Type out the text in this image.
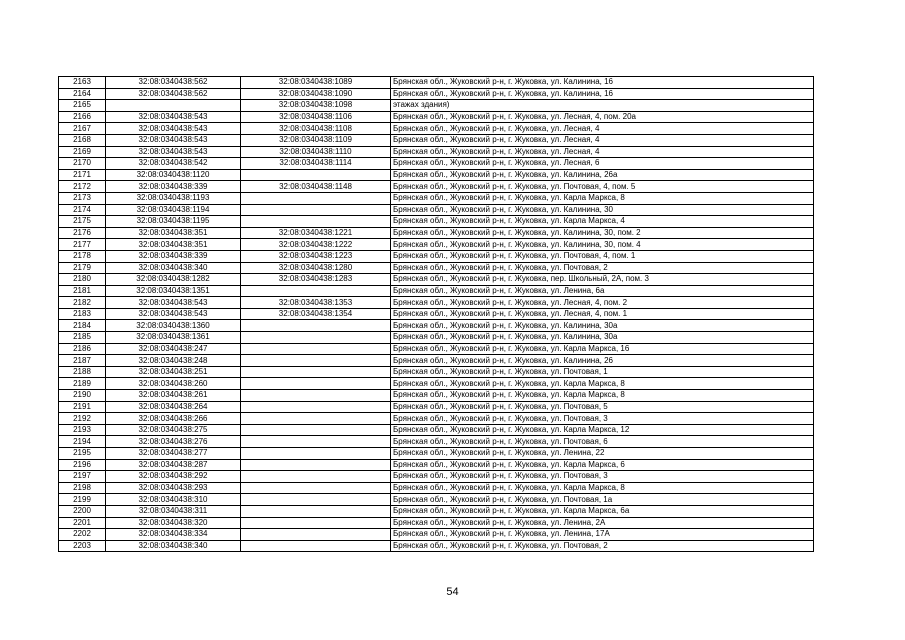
2163	32:08:0340438:562	32:08:0340438:1089	Брянская обл., Жуковский р-н, г. Жуковка, ул. Калинина, 16
2164	32:08:0340438:562	32:08:0340438:1090	Брянская обл., Жуковский р-н, г. Жуковка, ул. Калинина, 16
2165		32:08:0340438:1098	этажах здания)
2166	32:08:0340438:543	32:08:0340438:1106	Брянская обл., Жуковский р-н, г. Жуковка, ул. Лесная, 4, пом. 20а
2167	32:08:0340438:543	32:08:0340438:1108	Брянская обл., Жуковский р-н, г. Жуковка, ул. Лесная, 4
2168	32:08:0340438:543	32:08:0340438:1109	Брянская обл., Жуковский р-н, г. Жуковка, ул. Лесная, 4
2169	32:08:0340438:543	32:08:0340438:1110	Брянская обл., Жуковский р-н, г. Жуковка, ул. Лесная, 4
2170	32:08:0340438:542	32:08:0340438:1114	Брянская обл., Жуковский р-н, г. Жуковка, ул. Лесная, 6
2171	32:08:0340438:1120		Брянская обл., Жуковский р-н, г. Жуковка, ул. Калинина, 26а
2172	32:08:0340438:339	32:08:0340438:1148	Брянская обл., Жуковский р-н, г. Жуковка, ул. Почтовая, 4, пом. 5
2173	32:08:0340438:1193		Брянская обл., Жуковский р-н, г. Жуковка, ул. Карла Маркса, 8
2174	32:08:0340438:1194		Брянская обл., Жуковский р-н, г. Жуковка, ул. Калинина, 30
2175	32:08:0340438:1195		Брянская обл., Жуковский р-н, г. Жуковка, ул. Карла Маркса, 4
2176	32:08:0340438:351	32:08:0340438:1221	Брянская обл., Жуковский р-н, г. Жуковка, ул. Калинина, 30, пом. 2
2177	32:08:0340438:351	32:08:0340438:1222	Брянская обл., Жуковский р-н, г. Жуковка, ул. Калинина, 30, пом. 4
2178	32:08:0340438:339	32:08:0340438:1223	Брянская обл., Жуковский р-н, г. Жуковка, ул. Почтовая, 4, пом. 1
2179	32:08:0340438:340	32:08:0340438:1280	Брянская обл., Жуковский р-н, г. Жуковка, ул. Почтовая, 2
2180	32:08:0340438:1282	32:08:0340438:1283	Брянская обл., Жуковский р-н, г. Жуковка, пер. Школьный, 2А, пом. 3
2181	32:08:0340438:1351		Брянская обл., Жуковский р-н, г. Жуковка, ул. Ленина, 6а
2182	32:08:0340438:543	32:08:0340438:1353	Брянская обл., Жуковский р-н, г. Жуковка, ул. Лесная, 4, пом. 2
2183	32:08:0340438:543	32:08:0340438:1354	Брянская обл., Жуковский р-н, г. Жуковка, ул. Лесная, 4, пом. 1
2184	32:08:0340438:1360		Брянская обл., Жуковский р-н, г. Жуковка, ул. Калинина, 30а
2185	32:08:0340438:1361		Брянская обл., Жуковский р-н, г. Жуковка, ул. Калинина, 30а
2186	32:08:0340438:247		Брянская обл., Жуковский р-н, г. Жуковка, ул. Карла Маркса, 16
2187	32:08:0340438:248		Брянская обл., Жуковский р-н, г. Жуковка, ул. Калинина, 26
2188	32:08:0340438:251		Брянская обл., Жуковский р-н, г. Жуковка, ул. Почтовая, 1
2189	32:08:0340438:260		Брянская обл., Жуковский р-н, г. Жуковка, ул. Карла Маркса, 8
2190	32:08:0340438:261		Брянская обл., Жуковский р-н, г. Жуковка, ул. Карла Маркса, 8
2191	32:08:0340438:264		Брянская обл., Жуковский р-н, г. Жуковка, ул. Почтовая, 5
2192	32:08:0340438:266		Брянская обл., Жуковский р-н, г. Жуковка, ул. Почтовая, 3
2193	32:08:0340438:275		Брянская обл., Жуковский р-н, г. Жуковка, ул. Карла Маркса, 12
2194	32:08:0340438:276		Брянская обл., Жуковский р-н, г. Жуковка, ул. Почтовая, 6
2195	32:08:0340438:277		Брянская обл., Жуковский р-н, г. Жуковка, ул. Ленина, 22
2196	32:08:0340438:287		Брянская обл., Жуковский р-н, г. Жуковка, ул. Карла Маркса, 6
2197	32:08:0340438:292		Брянская обл., Жуковский р-н, г. Жуковка, ул. Почтовая, 3
2198	32:08:0340438:293		Брянская обл., Жуковский р-н, г. Жуковка, ул. Карла Маркса, 8
2199	32:08:0340438:310		Брянская обл., Жуковский р-н, г. Жуковка, ул. Почтовая, 1а
2200	32:08:0340438:311		Брянская обл., Жуковский р-н, г. Жуковка, ул. Карла Маркса, 6а
2201	32:08:0340438:320		Брянская обл., Жуковский р-н, г. Жуковка, ул. Ленина, 2А
2202	32:08:0340438:334		Брянская обл., Жуковский р-н, г. Жуковка, ул. Ленина, 17А
2203	32:08:0340438:340		Брянская обл., Жуковский р-н, г. Жуковка, ул. Почтовая, 2
54
